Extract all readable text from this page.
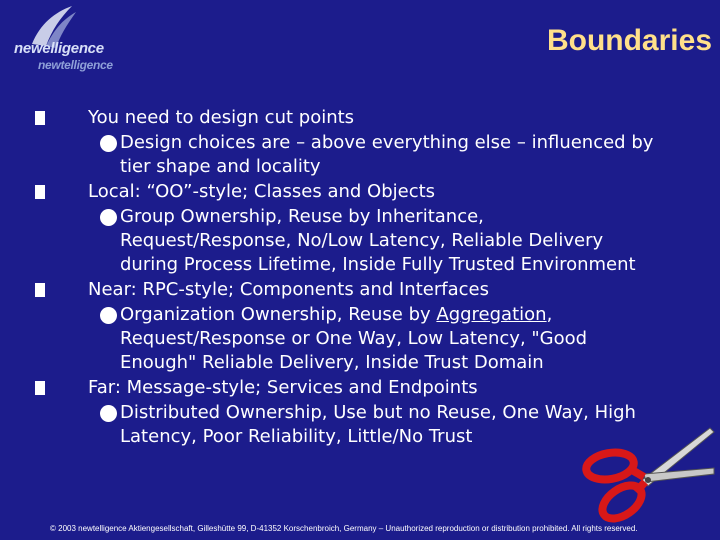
newelligence
newtelligence
Boundaries
You need to design cut points
Design choices are – above everything else – influenced by tier shape and locality
Local: “OO”-style; Classes and Objects
Group Ownership, Reuse by Inheritance, Request/Response, No/Low Latency, Reliable Delivery during Process Lifetime, Inside Fully Trusted Environment
Near: RPC-style; Components and Interfaces
Organization Ownership, Reuse by Aggregation, Request/Response or One Way, Low Latency, "Good Enough" Reliable Delivery, Inside Trust Domain
Far: Message-style; Services and Endpoints
Distributed Ownership, Use but no Reuse, One Way, High Latency, Poor Reliability, Little/No Trust
© 2003 newtelligence Aktiengesellschaft, Gilleshütte 99, D-41352 Korschenbroich, Germany – Unauthorized reproduction or distribution prohibited. All rights reserved.
